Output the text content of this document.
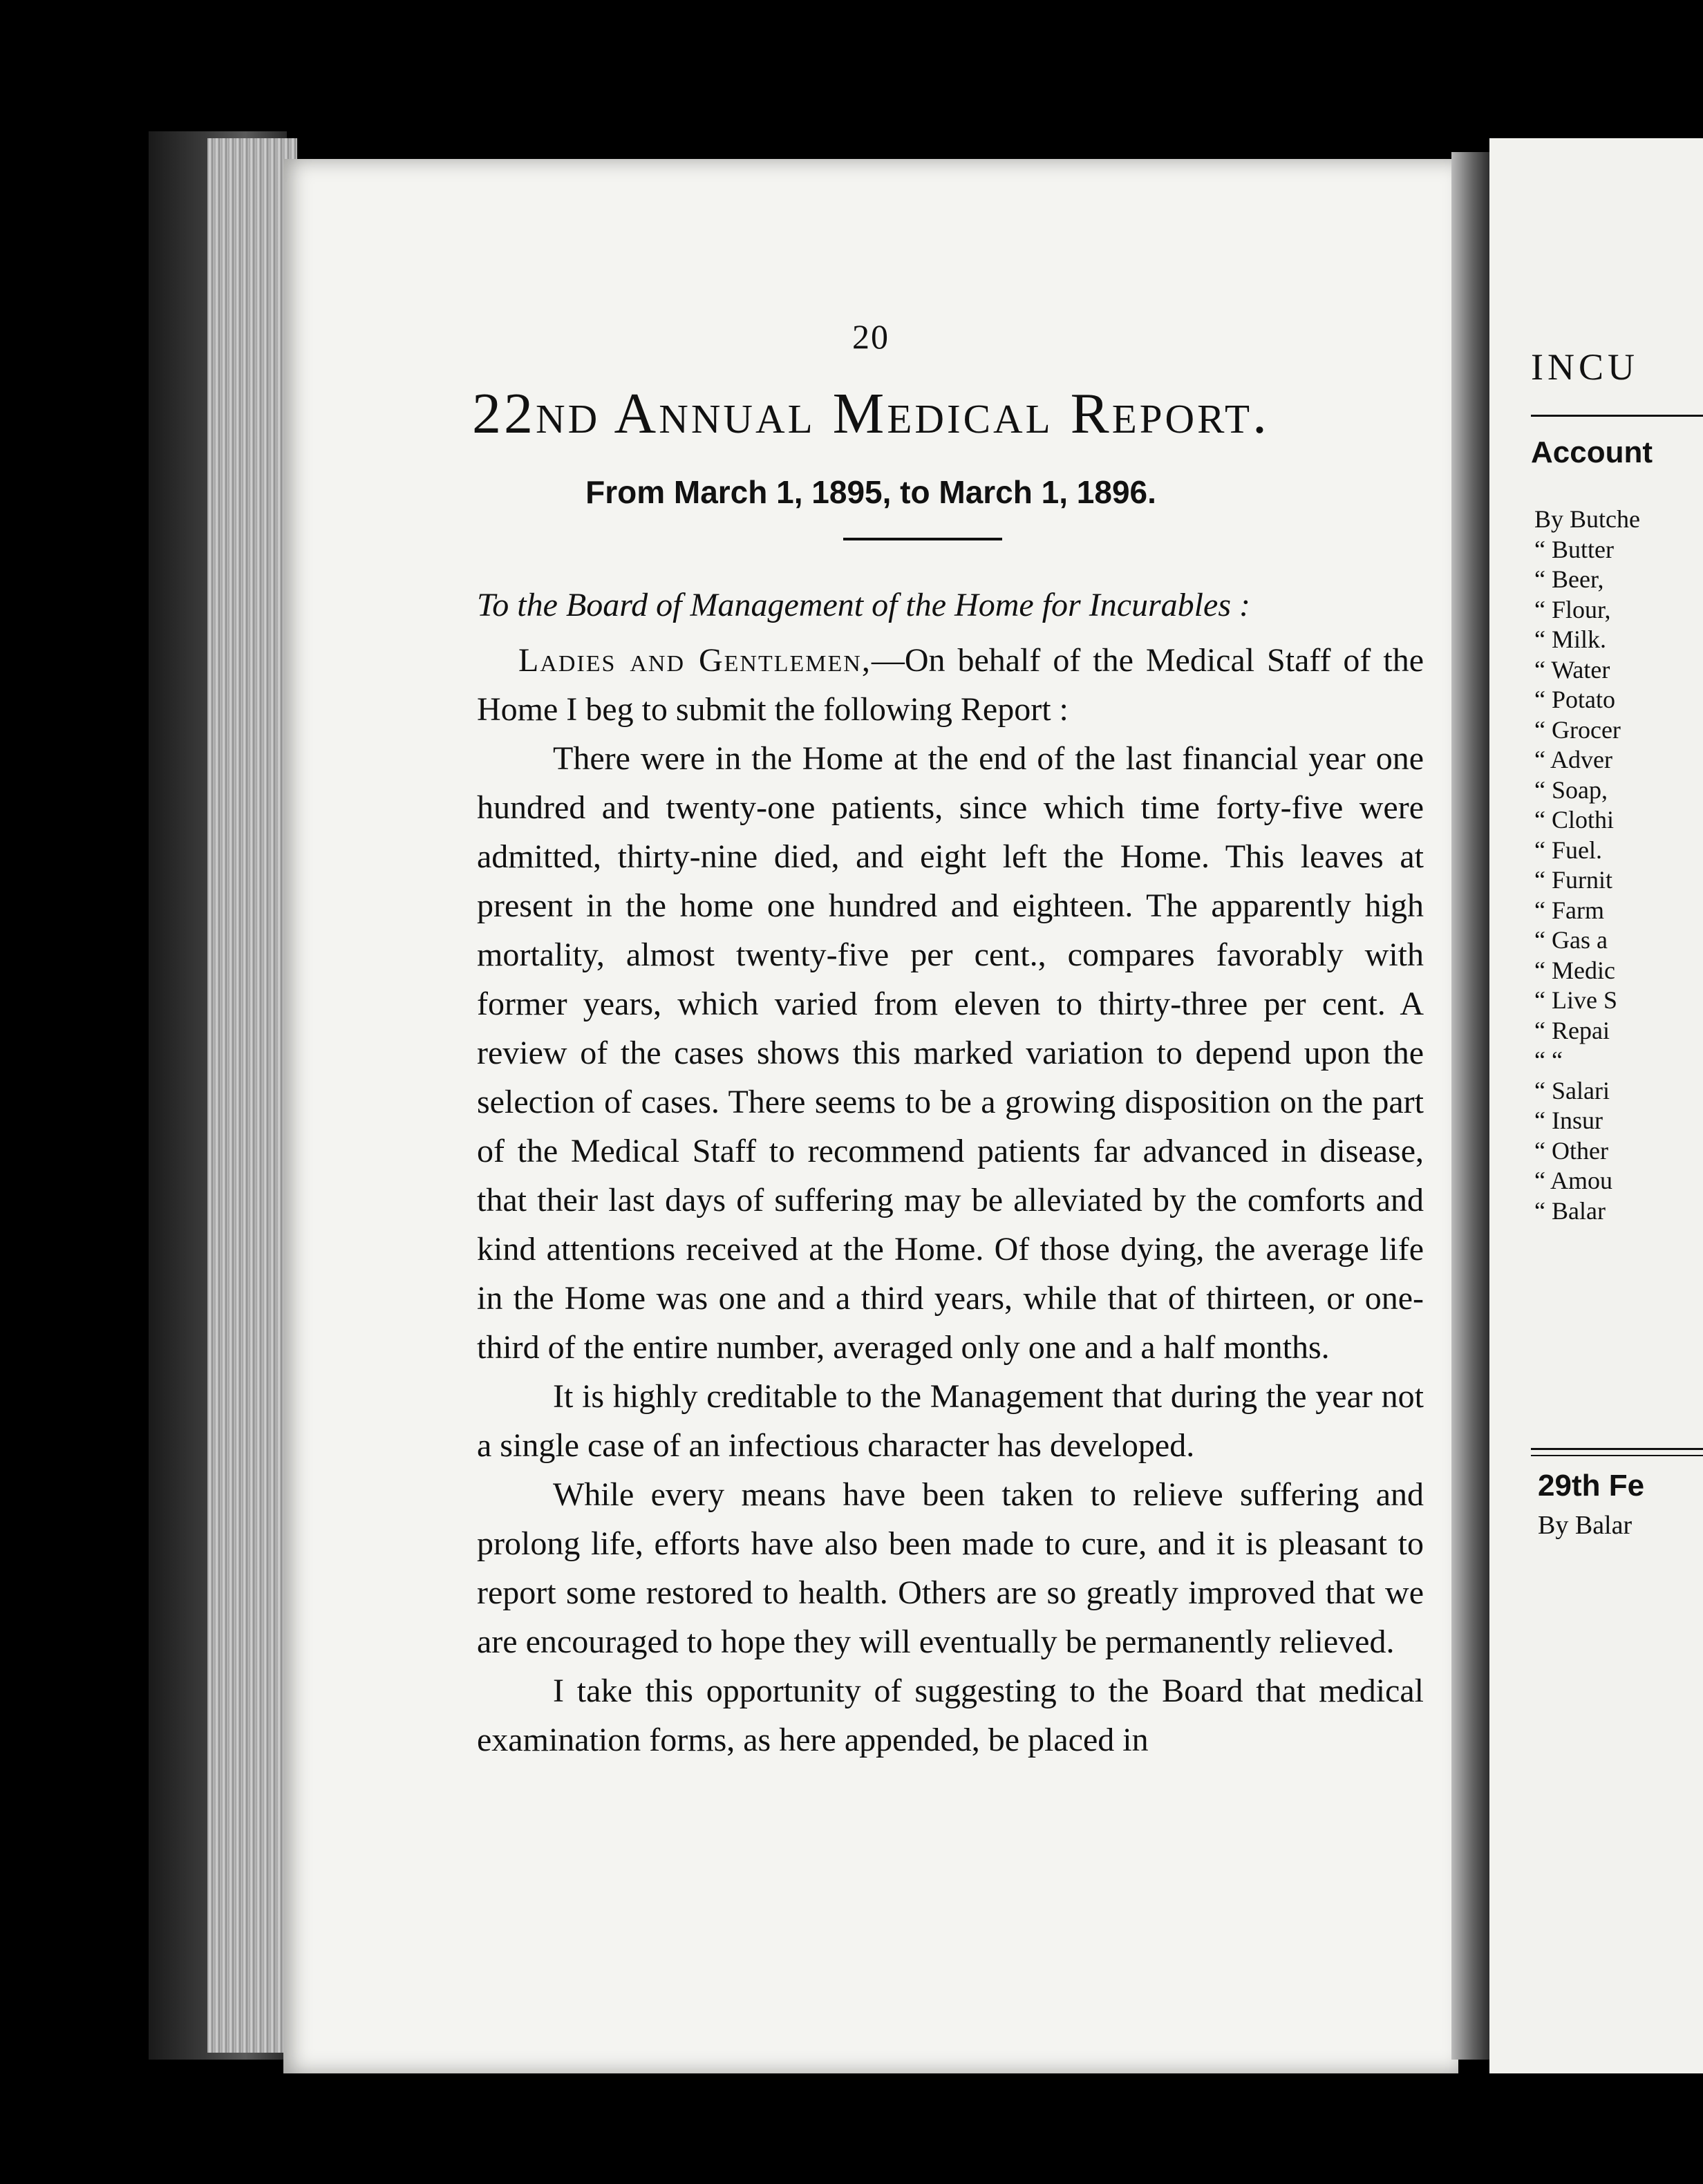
20
22nd Annual Medical Report.
From March 1, 1895, to March 1, 1896.
To the Board of Management of the Home for Incurables :

Ladies and Gentlemen,—On behalf of the Medical Staff of the Home I beg to submit the following Report :

There were in the Home at the end of the last financial year one hundred and twenty-one patients, since which time forty-five were admitted, thirty-nine died, and eight left the Home. This leaves at present in the home one hundred and eighteen. The apparently high mortality, almost twenty-five per cent., compares favorably with former years, which varied from eleven to thirty-three per cent. A review of the cases shows this marked variation to depend upon the selection of cases. There seems to be a growing disposition on the part of the Medical Staff to recommend patients far advanced in disease, that their last days of suffering may be alleviated by the comforts and kind attentions received at the Home. Of those dying, the average life in the Home was one and a third years, while that of thirteen, or one-third of the entire number, averaged only one and a half months.

It is highly creditable to the Management that during the year not a single case of an infectious character has developed.

While every means have been taken to relieve suffering and prolong life, efforts have also been made to cure, and it is pleasant to report some restored to health. Others are so greatly improved that we are encouraged to hope they will eventually be permanently relieved.

I take this opportunity of suggesting to the Board that medical examination forms, as here appended, be placed in

INCU
Account
By Butche
“ Butter
“ Beer,
“ Flour,
“ Milk.
“ Water
“ Potato
“ Grocer
“ Adver
“ Soap,
“ Clothi
“ Fuel.
“ Furnit
“ Farm
“ Gas a
“ Medic
“ Live S
“ Repai
“ “
“ Salari
“ Insur
“ Other
“ Amou
“ Balar
29th Fe
By Balar
